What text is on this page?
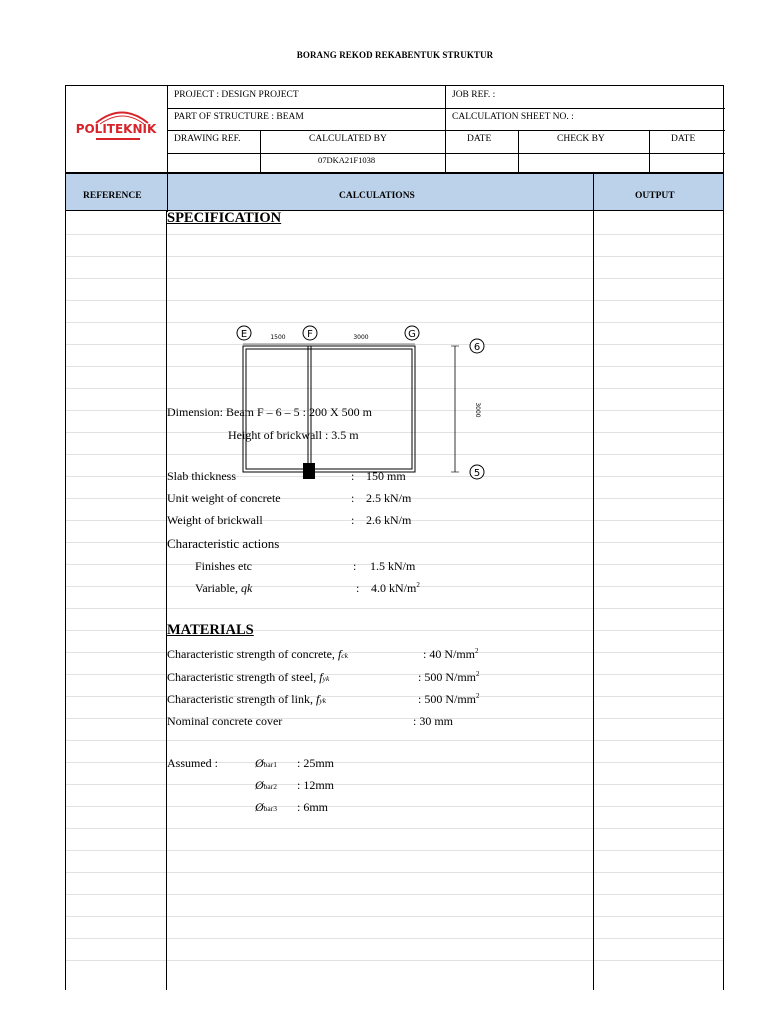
BORANG REKOD REKABENTUK STRUKTUR
POLITEKNIK
PROJECT : DESIGN PROJECT	JOB REF. :
PART OF STRUCTURE : BEAM	CALCULATION SHEET NO. :
DRAWING REF.	CALCULATED BY	DATE	CHECK BY	DATE
07DKA21F1038
REFERENCE	CALCULATIONS	OUTPUT
SPECIFICATION
E	F	G
1500	3000
3000
6
5
Dimension: Beam F – 6 – 5 : 200 X 500 m
Height of brickwall : 3.5 m
Slab thickness	: 150 mm
Unit weight of concrete	: 2.5 kN/m
Weight of brickwall	: 2.6 kN/m
Characteristic actions
Finishes etc	: 1.5 kN/m
Variable, qk	: 4.0 $kN/m^2$
MATERIALS
Characteristic strength of concrete, fck	: 40 $N/mm^2$
Characteristic strength of steel, fyk	: 500 $N/mm^2$
Characteristic strength of link, fyk	: 500 $N/mm^2$
Nominal concrete cover	: 30 mm
Assumed :	Øbar1 : 25mm
Øbar2 : 12mm
Øbar3 : 6mm
